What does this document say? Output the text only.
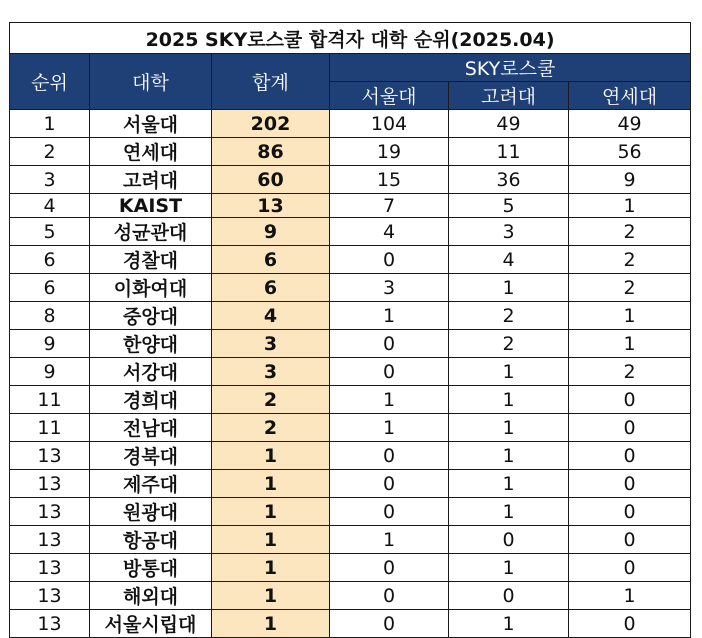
2025 SKY로스쿨 합격자 대학 순위(2025.04)					
순위	대학	합계	SKY로스쿨		
			서울대	고려대	연세대
1	서울대	202	104	49	49
2	연세대	86	19	11	56
3	고려대	60	15	36	9
4	KAIST	13	7	5	1
5	성균관대	9	4	3	2
6	경찰대	6	0	4	2
6	이화여대	6	3	1	2
8	중앙대	4	1	2	1
9	한양대	3	0	2	1
9	서강대	3	0	1	2
11	경희대	2	1	1	0
11	전남대	2	1	1	0
13	경북대	1	0	1	0
13	제주대	1	0	1	0
13	원광대	1	0	1	0
13	항공대	1	1	0	0
13	방통대	1	0	1	0
13	해외대	1	0	0	1
13	서울시립대	1	0	1	0
